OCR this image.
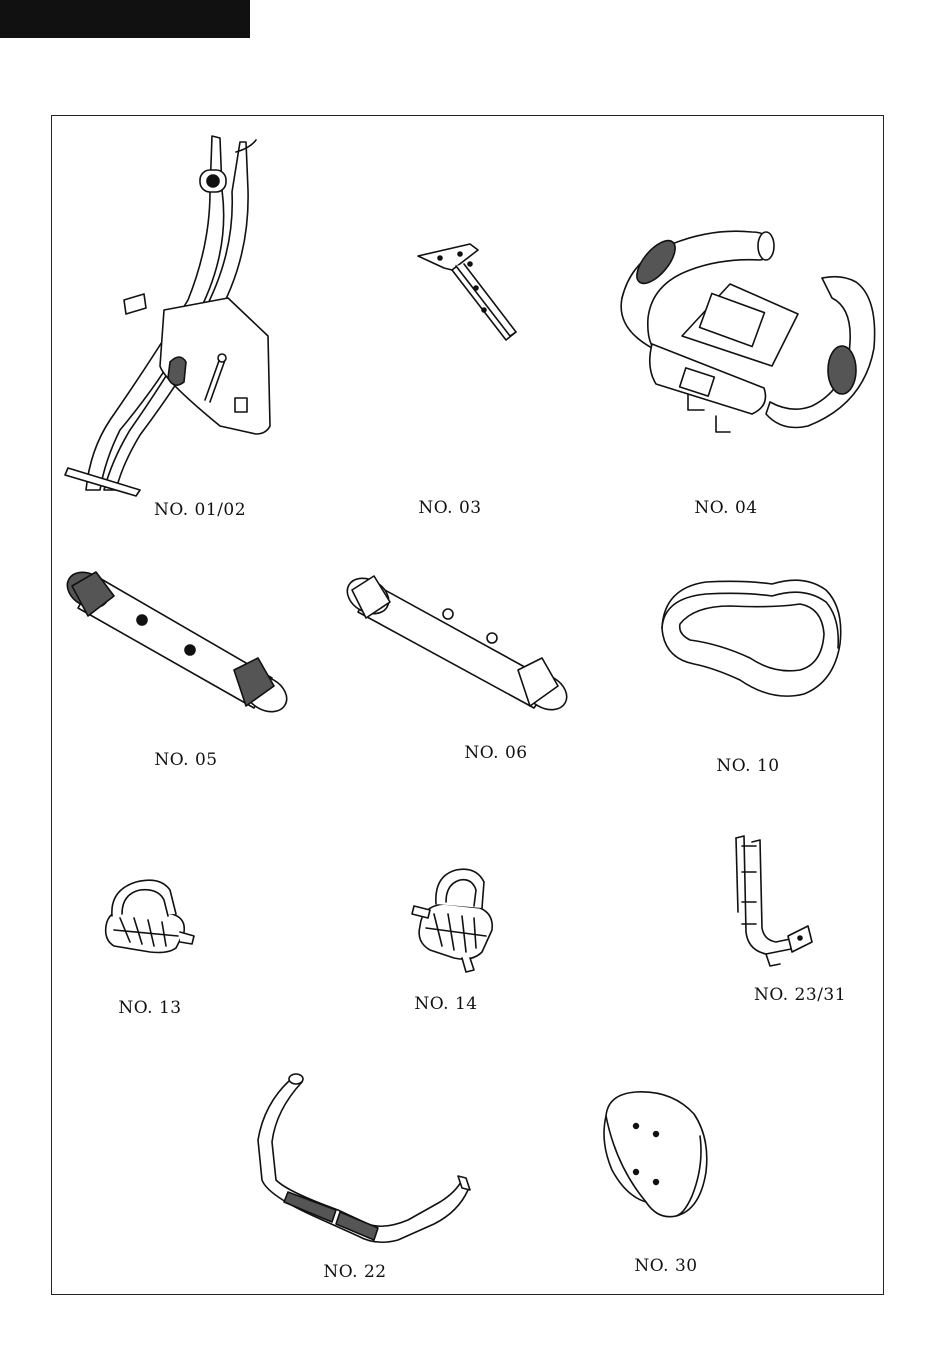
NO. 01/02	NO. 03	NO. 04
NO. 05	NO. 06
NO. 10
NO. 13	NO. 14	NO. 23/31
NO. 22	NO. 30
